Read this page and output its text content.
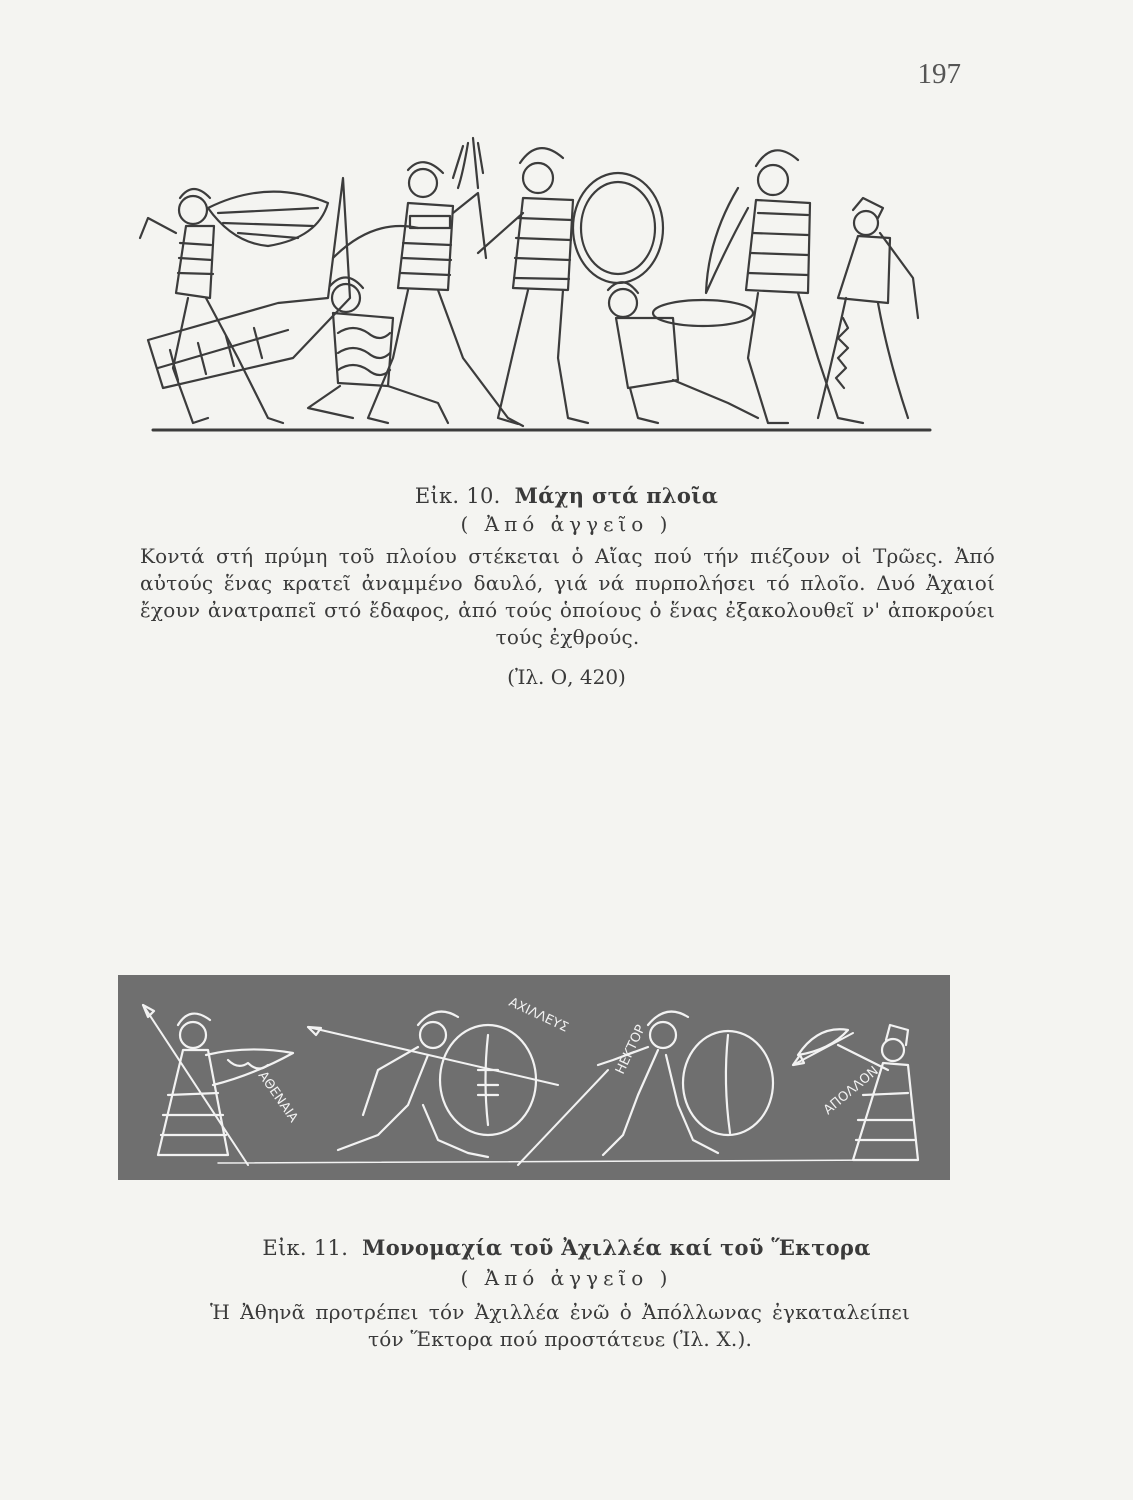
197
Εἰκ. 10. Μάχη στά πλοῖα
( Ἀπό ἀγγεῖο )
Κοντά στή πρύμη τοῦ πλοίου στέκεται ὁ Αἴας πού τήν πιέζουν οἱ Τρῶες. Ἀπό αὐτούς ἕνας κρατεῖ ἀναμμένο δαυλό, γιά νά πυρπολήσει τό πλοῖο. Δυό Ἀχαιοί ἔχουν ἀνατραπεῖ στό ἔδαφος, ἀπό τούς ὁποίους ὁ ἕνας ἐξακολουθεῖ ν' ἀποκρούει τούς ἐχθρούς.
(Ἰλ. Ο, 420)
ΑΘΕΝΑΙΑ
ΑΧΙΛΛΕΥΣ
ΗΕΚΤΟΡ
ΑΠΟΛΛΟΝ
Εἰκ. 11. Μονομαχία τοῦ Ἀχιλλέα καί τοῦ Ἕκτορα
( Ἀπό ἀγγεῖο )
Ἡ Ἀθηνᾶ προτρέπει τόν Ἀχιλλέα ἐνῶ ὁ Ἀπόλλωνας ἐγκαταλείπει τόν Ἕκτορα πού προστάτευε (Ἰλ. Χ.).
